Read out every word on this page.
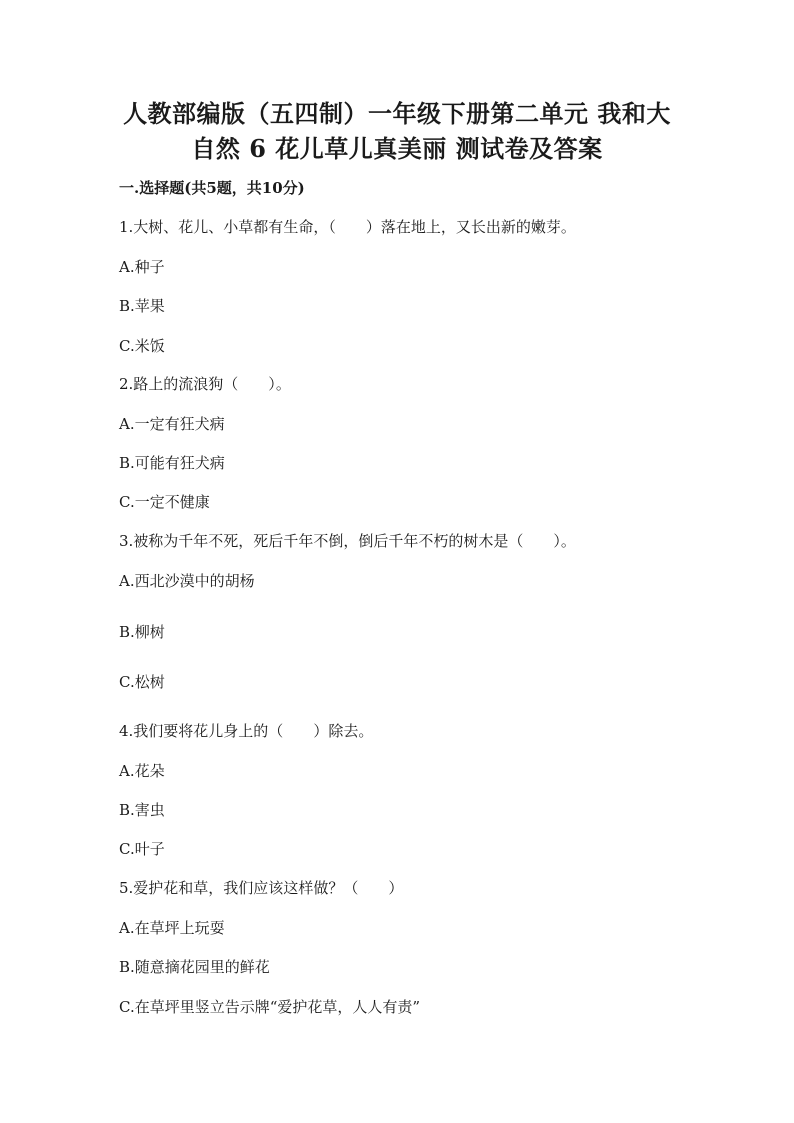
人教部编版（五四制）一年级下册第二单元 我和大
自然 6 花儿草儿真美丽 测试卷及答案
一.选择题(共5题，共10分)
1.大树、花儿、小草都有生命，（　　）落在地上，又长出新的嫩芽。
A.种子
B.苹果
C.米饭
2.路上的流浪狗（　　）。
A.一定有狂犬病
B.可能有狂犬病
C.一定不健康
3.被称为千年不死，死后千年不倒，倒后千年不朽的树木是（　　）。
A.西北沙漠中的胡杨
B.柳树
C.松树
4.我们要将花儿身上的（　　）除去。
A.花朵
B.害虫
C.叶子
5.爱护花和草，我们应该这样做？（　　）
A.在草坪上玩耍
B.随意摘花园里的鲜花
C.在草坪里竖立告示牌“爱护花草，人人有责”
